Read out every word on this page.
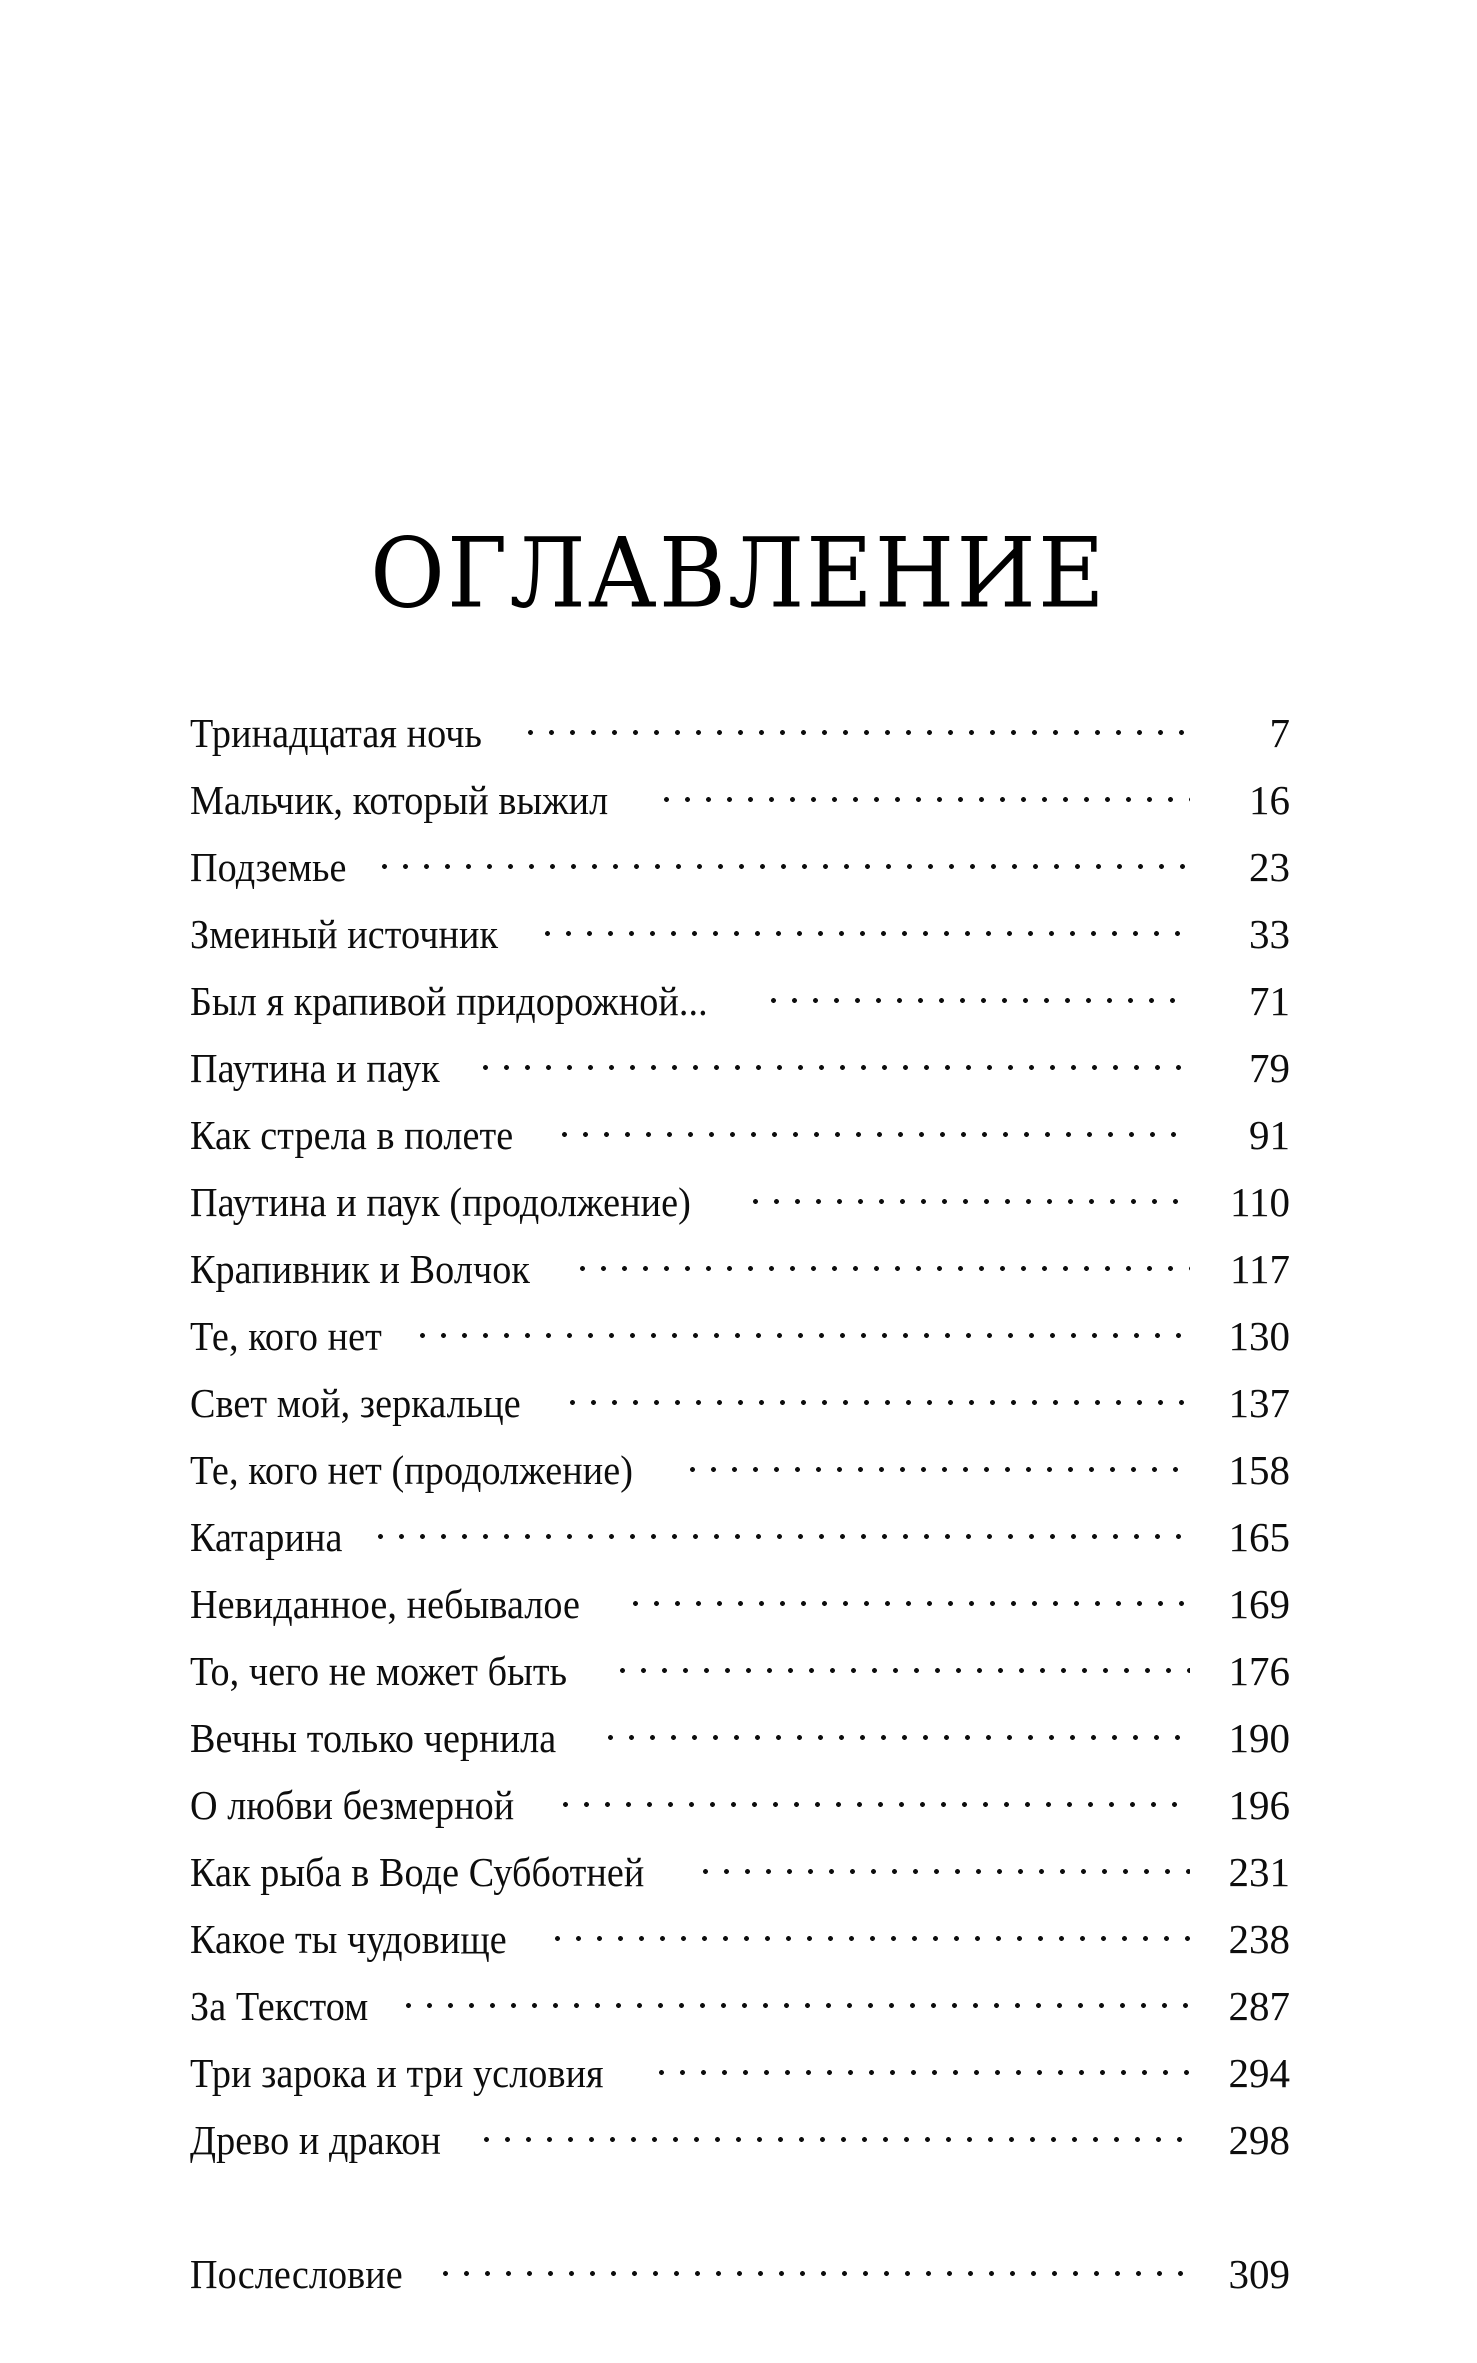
ОГЛАВЛЕНИЕ
Тринадцатая ночь	7
Мальчик, который выжил	16
Подземье	23
Змеиный источник	33
Был я крапивой придорожной...	71
Паутина и паук	79
Как стрела в полете	91
Паутина и паук (продолжение)	110
Крапивник и Волчок	117
Те, кого нет	130
Свет мой, зеркальце	137
Те, кого нет (продолжение)	158
Катарина	165
Невиданное, небывалое	169
То, чего не может быть	176
Вечны только чернила	190
О любви безмерной	196
Как рыба в Воде Субботней	231
Какое ты чудовище	238
За Текстом	287
Три зарока и три условия	294
Древо и дракон	298
Послесловие	309
